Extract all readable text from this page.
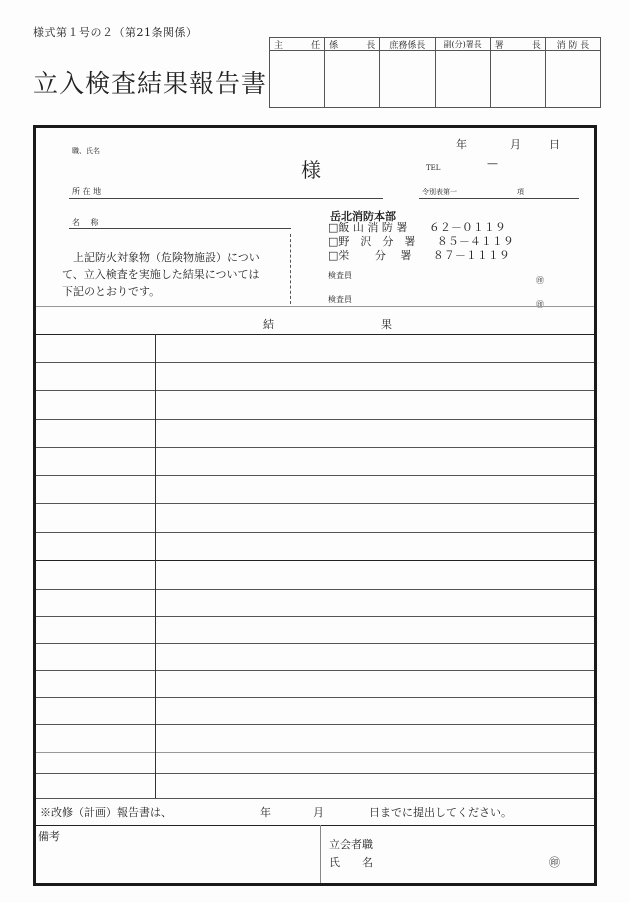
様式第１号の２（第21条関係）
立入検査結果報告書
主	任 係	長 庶務係長 副(分)署長 署	長 消 防 長
職、氏名
様
年	月	日
TEL	—
所 在 地	令別表第一	項
名　 称
　上記防火対象物（危険物施設）につい
て、立入検査を実施した結果については
下記のとおりです。
岳北消防本部
□飯 山 消 防 署 ６２－０１１９
□野　沢　分　署 ８５－４１１９
□栄　　 分　 署 ８７－１１１９
検査員
㊞
検査員
㊞
結	果
※改修（計画）報告書は、	年	月	日までに提出してください。
備考
立会者職
氏　　名	㊞
